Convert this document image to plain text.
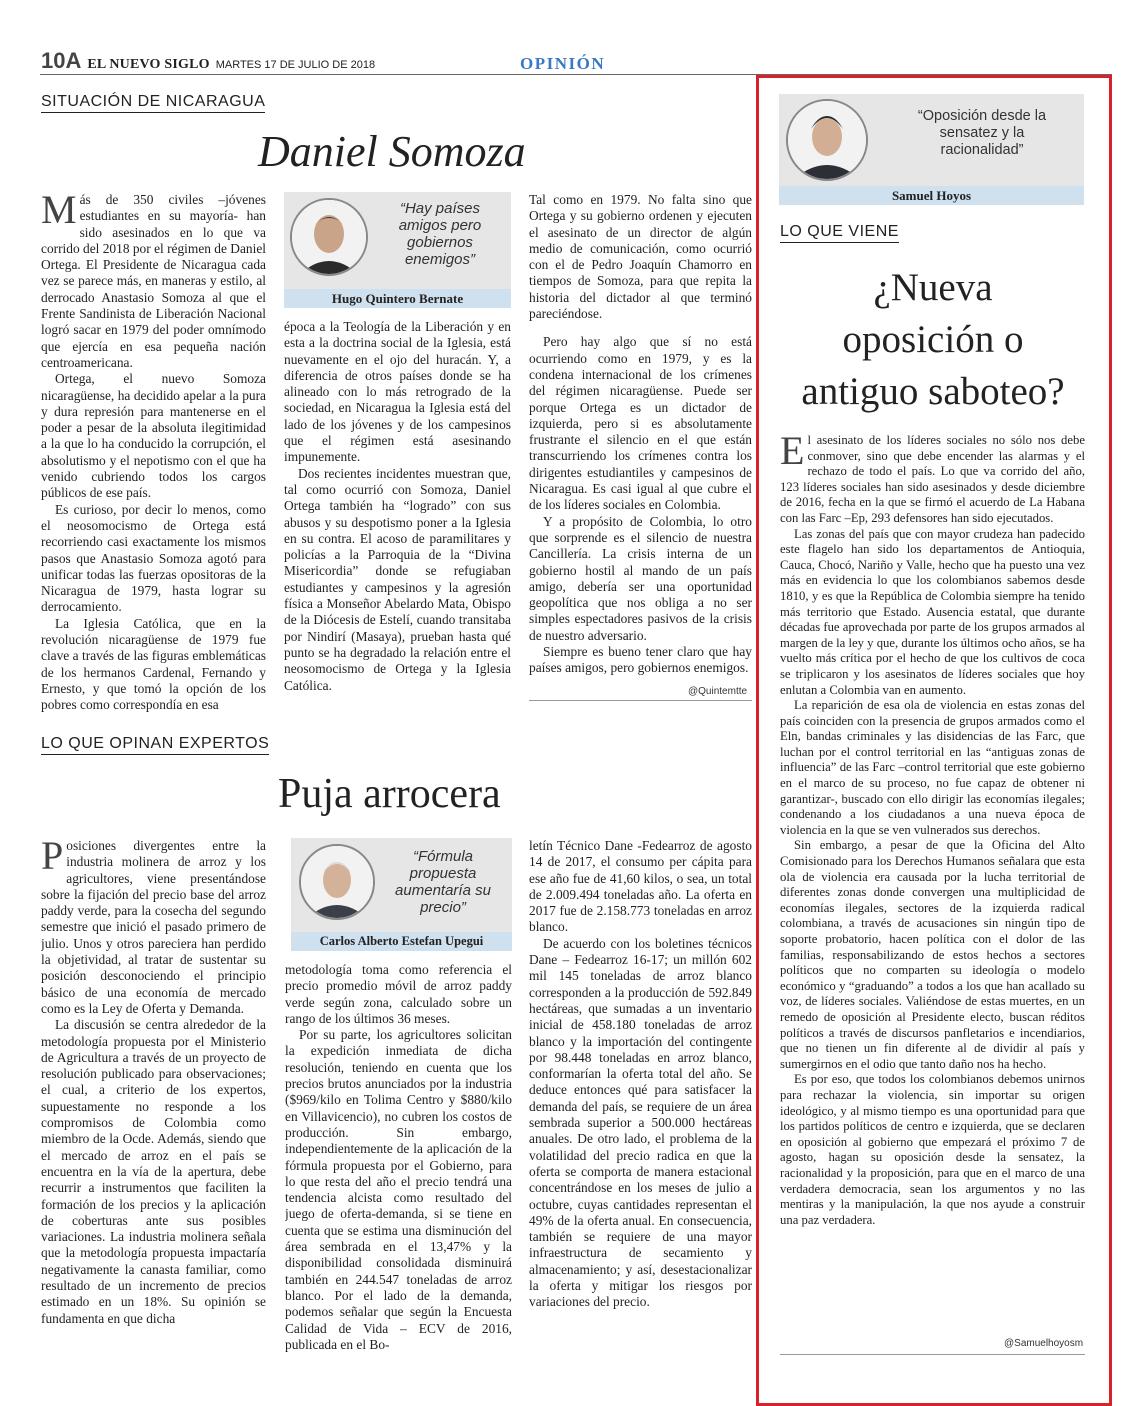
10A EL NUEVO SIGLO MARTES 17 DE JULIO DE 2018	OPINIÓN
SITUACIÓN DE NICARAGUA
Daniel Somoza
M ás de 350 civiles –jóvenes estudiantes en su mayoría- han sido asesinados en lo que va corrido del 2018 por el régimen de Daniel Ortega. El Presidente de Nicaragua cada vez se parece más, en maneras y estilo, al derrocado Anastasio Somoza al que el Frente Sandinista de Liberación Nacional logró sacar en 1979 del poder omnímodo que ejercía en esa pequeña nación centroamericana.

Ortega, el nuevo Somoza nicaragüense, ha decidido apelar a la pura y dura represión para mantenerse en el poder a pesar de la absoluta ilegitimidad a la que lo ha conducido la corrupción, el absolutismo y el nepotismo con el que ha venido cubriendo todos los cargos públicos de ese país.

Es curioso, por decir lo menos, como el neosomocismo de Ortega está recorriendo casi exactamente los mismos pasos que Anastasio Somoza agotó para unificar todas las fuerzas opositoras de la Nicaragua de 1979, hasta lograr su derrocamiento.

La Iglesia Católica, que en la revolución nicaragüense de 1979 fue clave a través de las figuras emblemáticas de los hermanos Cardenal, Fernando y Ernesto, y que tomó la opción de los pobres como correspondía en esa

“Hay países amigos pero gobiernos enemigos”
Hugo Quintero Bernate

época a la Teología de la Liberación y en esta a la doctrina social de la Iglesia, está nuevamente en el ojo del huracán. Y, a diferencia de otros países donde se ha alineado con lo más retrogrado de la sociedad, en Nicaragua la Iglesia está del lado de los jóvenes y de los campesinos que el régimen está asesinando impunemente.

Dos recientes incidentes muestran que, tal como ocurrió con Somoza, Daniel Ortega también ha “logrado” con sus abusos y su despotismo poner a la Iglesia en su contra. El acoso de paramilitares y policías a la Parroquia de la “Divina Misericordia” donde se refugiaban estudiantes y campesinos y la agresión física a Monseñor Abelardo Mata, Obispo de la Diócesis de Estelí, cuando transitaba por Nindirí (Masaya), prueban hasta qué punto se ha degradado la relación entre el neosomocismo de Ortega y la Iglesia Católica.

Tal como en 1979. No falta sino que Ortega y su gobierno ordenen y ejecuten el asesinato de un director de algún medio de comunicación, como ocurrió con el de Pedro Joaquín Chamorro en tiempos de Somoza, para que repita la historia del dictador al que terminó pareciéndose.

Pero hay algo que sí no está ocurriendo como en 1979, y es la condena internacional de los crímenes del régimen nicaragüense. Puede ser porque Ortega es un dictador de izquierda, pero si es absolutamente frustrante el silencio en el que están transcurriendo los crímenes contra los dirigentes estudiantiles y campesinos de Nicaragua. Es casi igual al que cubre el de los líderes sociales en Colombia.

Y a propósito de Colombia, lo otro que sorprende es el silencio de nuestra Cancillería. La crisis interna de un gobierno hostil al mando de un país amigo, debería ser una oportunidad geopolítica que nos obliga a no ser simples espectadores pasivos de la crisis de nuestro adversario.

Siempre es bueno tener claro que hay países amigos, pero gobiernos enemigos.

@Quintemtte
LO QUE OPINAN EXPERTOS
Puja arrocera
P osiciones divergentes entre la industria molinera de arroz y los agricultores, viene presentándose sobre la fijación del precio base del arroz paddy verde, para la cosecha del segundo semestre que inició el pasado primero de julio. Unos y otros pareciera han perdido la objetividad, al tratar de sustentar su posición desconociendo el principio básico de una economía de mercado como es la Ley de Oferta y Demanda.

La discusión se centra alrededor de la metodología propuesta por el Ministerio de Agricultura a través de un proyecto de resolución publicado para observaciones; el cual, a criterio de los expertos, supuestamente no responde a los compromisos de Colombia como miembro de la Ocde. Además, siendo que el mercado de arroz en el país se encuentra en la vía de la apertura, debe recurrir a instrumentos que faciliten la formación de los precios y la aplicación de coberturas ante sus posibles variaciones. La industria molinera señala que la metodología propuesta impactaría negativamente la canasta familiar, como resultado de un incremento de precios estimado en un 18%. Su opinión se fundamenta en que dicha

“Fórmula propuesta aumentaría su precio”
Carlos Alberto Estefan Upegui

metodología toma como referencia el precio promedio móvil de arroz paddy verde según zona, calculado sobre un rango de los últimos 36 meses.

Por su parte, los agricultores solicitan la expedición inmediata de dicha resolución, teniendo en cuenta que los precios brutos anunciados por la industria ($969/kilo en Tolima Centro y $880/kilo en Villavicencio), no cubren los costos de producción. Sin embargo, independientemente de la aplicación de la fórmula propuesta por el Gobierno, para lo que resta del año el precio tendrá una tendencia alcista como resultado del juego de oferta-demanda, si se tiene en cuenta que se estima una disminución del área sembrada en el 13,47% y la disponibilidad consolidada disminuirá también en 244.547 toneladas de arroz blanco. Por el lado de la demanda, podemos señalar que según la Encuesta Calidad de Vida – ECV de 2016, publicada en el Bo-

letín Técnico Dane -Fedearroz de agosto 14 de 2017, el consumo per cápita para ese año fue de 41,60 kilos, o sea, un total de 2.009.494 toneladas año. La oferta en 2017 fue de 2.158.773 toneladas en arroz blanco.

De acuerdo con los boletines técnicos Dane – Fedearroz 16-17; un millón 602 mil 145 toneladas de arroz blanco corresponden a la producción de 592.849 hectáreas, que sumadas a un inventario inicial de 458.180 toneladas de arroz blanco y la importación del contingente por 98.448 toneladas en arroz blanco, conformarían la oferta total del año. Se deduce entonces qué para satisfacer la demanda del país, se requiere de un área sembrada superior a 500.000 hectáreas anuales. De otro lado, el problema de la volatilidad del precio radica en que la oferta se comporta de manera estacional concentrándose en los meses de julio a octubre, cuyas cantidades representan el 49% de la oferta anual. En consecuencia, también se requiere de una mayor infraestructura de secamiento y almacenamiento; y así, desestacionalizar la oferta y mitigar los riesgos por variaciones del precio.

“Oposición desde la sensatez y la racionalidad”
Samuel Hoyos
LO QUE VIENE
¿Nueva
oposición o
antiguo saboteo?
E l asesinato de los líderes sociales no sólo nos debe conmover, sino que debe encender las alarmas y el rechazo de todo el país. Lo que va corrido del año, 123 líderes sociales han sido asesinados y desde diciembre de 2016, fecha en la que se firmó el acuerdo de La Habana con las Farc –Ep, 293 defensores han sido ejecutados.

Las zonas del país que con mayor crudeza han padecido este flagelo han sido los departamentos de Antioquia, Cauca, Chocó, Nariño y Valle, hecho que ha puesto una vez más en evidencia lo que los colombianos sabemos desde 1810, y es que la República de Colombia siempre ha tenido más territorio que Estado. Ausencia estatal, que durante décadas fue aprovechada por parte de los grupos armados al margen de la ley y que, durante los últimos ocho años, se ha vuelto más crítica por el hecho de que los cultivos de coca se triplicaron y los asesinatos de líderes sociales que hoy enlutan a Colombia van en aumento.

La reparición de esa ola de violencia en estas zonas del país coinciden con la presencia de grupos armados como el Eln, bandas criminales y las disidencias de las Farc, que luchan por el control territorial en las “antiguas zonas de influencia” de las Farc –control territorial que este gobierno en el marco de su proceso, no fue capaz de obtener ni garantizar-, buscado con ello dirigir las economías ilegales; condenando a los ciudadanos a una nueva época de violencia en la que se ven vulnerados sus derechos.

Sin embargo, a pesar de que la Oficina del Alto Comisionado para los Derechos Humanos señalara que esta ola de violencia era causada por la lucha territorial de diferentes zonas donde convergen una multiplicidad de economías ilegales, sectores de la izquierda radical colombiana, a través de acusaciones sin ningún tipo de soporte probatorio, hacen política con el dolor de las familias, responsabilizando de estos hechos a sectores políticos que no comparten su ideología o modelo económico y “graduando” a todos a los que han acallado su voz, de líderes sociales. Valiéndose de estas muertes, en un remedo de oposición al Presidente electo, buscan réditos políticos a través de discursos panfletarios e incendiarios, que no tienen un fin diferente al de dividir al país y sumergirnos en el odio que tanto daño nos ha hecho.

Es por eso, que todos los colombianos debemos unirnos para rechazar la violencia, sin importar su origen ideológico, y al mismo tiempo es una oportunidad para que los partidos políticos de centro e izquierda, que se declaren en oposición al gobierno que empezará el próximo 7 de agosto, hagan su oposición desde la sensatez, la racionalidad y la proposición, para que en el marco de una verdadera democracia, sean los argumentos y no las mentiras y la manipulación, la que nos ayude a construir una paz verdadera.

@Samuelhoyosm
